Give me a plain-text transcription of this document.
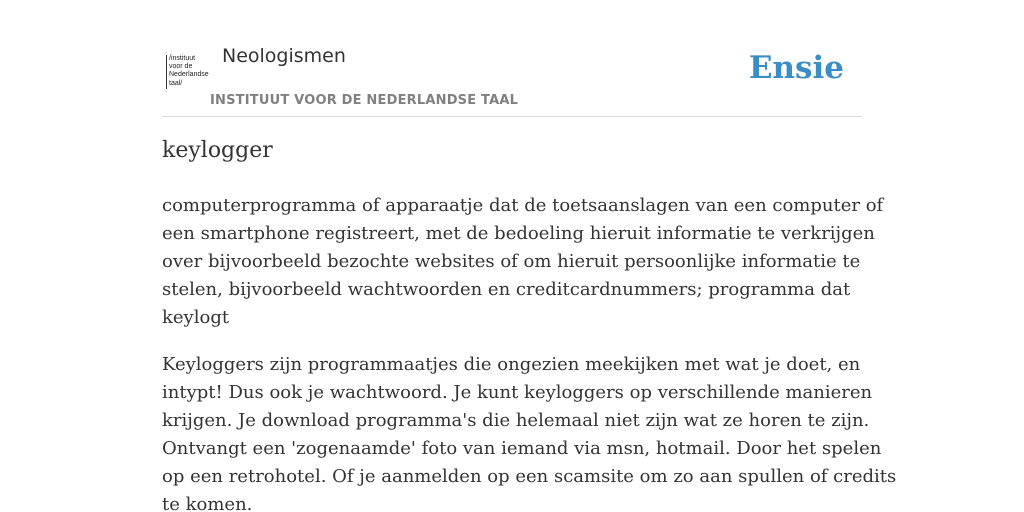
/instituut
voor de
Nederlandse
taal/
Neologismen
INSTITUUT VOOR DE NEDERLANDSE TAAL
Ensie
keylogger

computerprogramma of apparaatje dat de toetsaanslagen van een computer of
een smartphone registreert, met de bedoeling hieruit informatie te verkrijgen
over bijvoorbeeld bezochte websites of om hieruit persoonlijke informatie te
stelen, bijvoorbeeld wachtwoorden en creditcardnummers; programma dat
keylogt

Keyloggers zijn programmaatjes die ongezien meekijken met wat je doet, en
intypt! Dus ook je wachtwoord. Je kunt keyloggers op verschillende manieren
krijgen. Je download programma's die helemaal niet zijn wat ze horen te zijn.
Ontvangt een 'zogenaamde' foto van iemand via msn, hotmail. Door het spelen
op een retrohotel. Of je aanmelden op een scamsite om zo aan spullen of credits
te komen.
